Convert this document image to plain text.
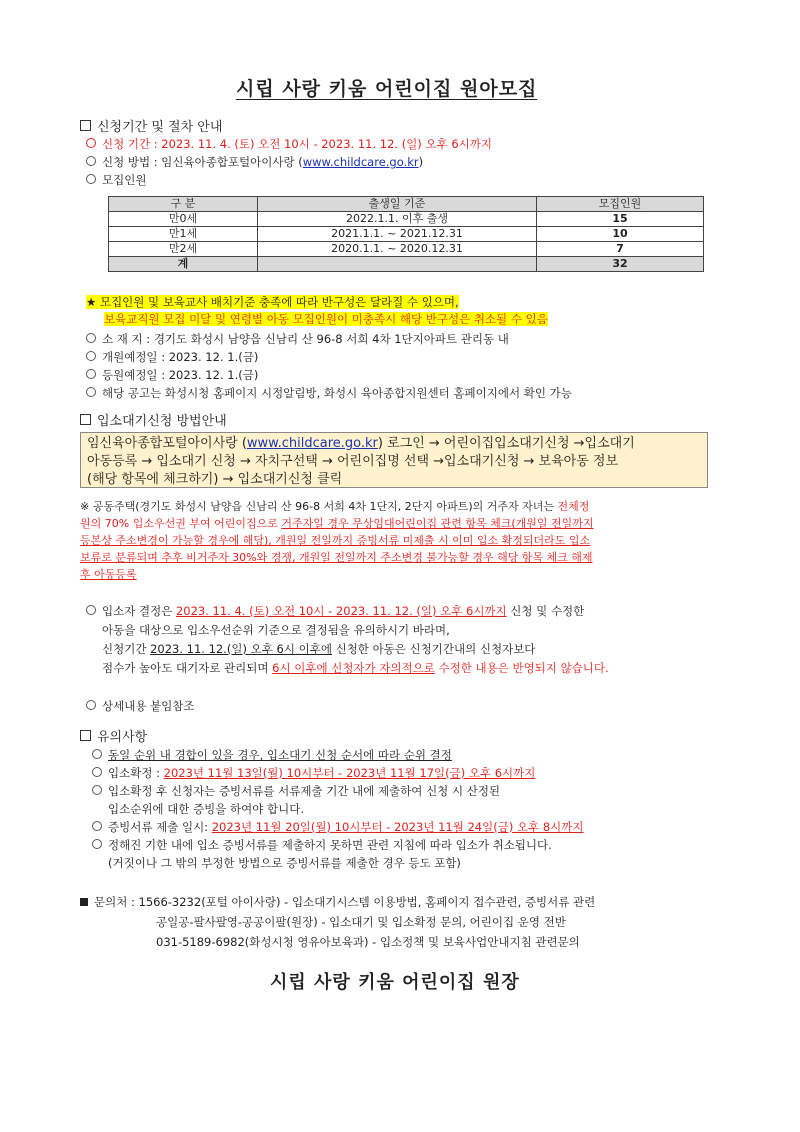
시립 사랑 키움 어린이집 원아모집
신청기간 및 절차 안내
신청 기간 : 2023. 11. 4. (토) 오전 10시 - 2023. 11. 12. (일) 오후 6시까지
신청 방법 : 임신육아종합포털아이사랑 (www.childcare.go.kr)
모집인원
구 분	출생일 기준	모집인원
만0세	2022.1.1. 이후 출생	15
만1세	2021.1.1. ~ 2021.12.31	10
만2세	2020.1.1. ~ 2020.12.31	7
계		32
★ 모집인원 및 보육교사 배치기준 충족에 따라 반구성은 달라질 수 있으며,
보육교직원 모집 미달 및 연령별 아동 모집인원이 미충족시 해당 반구성은 취소될 수 있음
소 재 지 : 경기도 화성시 남양읍 신남리 산 96-8 서희 4차 1단지아파트 관리동 내
개원예정일 : 2023. 12. 1.(금)
등원예정일 : 2023. 12. 1.(금)
해당 공고는 화성시청 홈페이지 시정알림방, 화성시 육아종합지원센터 홈페이지에서 확인 가능
입소대기신청 방법안내
임신육아종합포털아이사랑 (www.childcare.go.kr) 로그인 → 어린이집입소대기신청 →입소대기
아동등록 → 입소대기 신청 → 자치구선택 → 어린이집명 선택 →입소대기신청 → 보육아동 정보
(해당 항목에 체크하기) → 입소대기신청 클릭
※ 공동주택(경기도 화성시 남양읍 신남리 산 96-8 서희 4차 1단지, 2단지 아파트)의 거주자 자녀는 전체정
원의 70% 입소우선권 부여 어린이집으로 거주자일 경우 무상임대어린이집 관련 항목 체크(개원일 전일까지
등본상 주소변경이 가능할 경우에 해당), 개원일 전일까지 증빙서류 미제출 시 이미 입소 확정되더라도 입소
보류로 분류되며 추후 비거주자 30%와 경쟁, 개원일 전일까지 주소변경 불가능할 경우 해당 항목 체크 해제
후 아동등록
입소자 결정은 2023. 11. 4. (토) 오전 10시 - 2023. 11. 12. (일) 오후 6시까지 신청 및 수정한
아동을 대상으로 입소우선순위 기준으로 결정됨을 유의하시기 바라며,
신청기간 2023. 11. 12.(일) 오후 6시 이후에 신청한 아동은 신청기간내의 신청자보다
점수가 높아도 대기자로 관리되며 6시 이후에 신청자가 자의적으로 수정한 내용은 반영되지 않습니다.
상세내용 붙임참조
유의사항
동일 순위 내 경합이 있을 경우, 입소대기 신청 순서에 따라 순위 결정
입소확정 : 2023년 11월 13일(월) 10시부터 - 2023년 11월 17일(금) 오후 6시까지
입소확정 후 신청자는 증빙서류를 서류제출 기간 내에 제출하여 신청 시 산정된
입소순위에 대한 증빙을 하여야 합니다.
증빙서류 제출 일시: 2023년 11월 20일(월) 10시부터 - 2023년 11월 24일(금) 오후 8시까지
정해진 기한 내에 입소 증빙서류를 제출하지 못하면 관련 지침에 따라 입소가 취소됩니다.
(거짓이나 그 밖의 부정한 방법으로 증빙서류를 제출한 경우 등도 포함)
문의처 : 1566-3232(포털 아이사랑) - 입소대기시스템 이용방법, 홈페이지 접수관련, 증빙서류 관련
공일공-팔사팔영-공공이팔(원장) - 입소대기 및 입소확정 문의, 어린이집 운영 전반
031-5189-6982(화성시청 영유아보육과) - 입소정책 및 보육사업안내지침 관련문의
시립 사랑 키움 어린이집 원장
